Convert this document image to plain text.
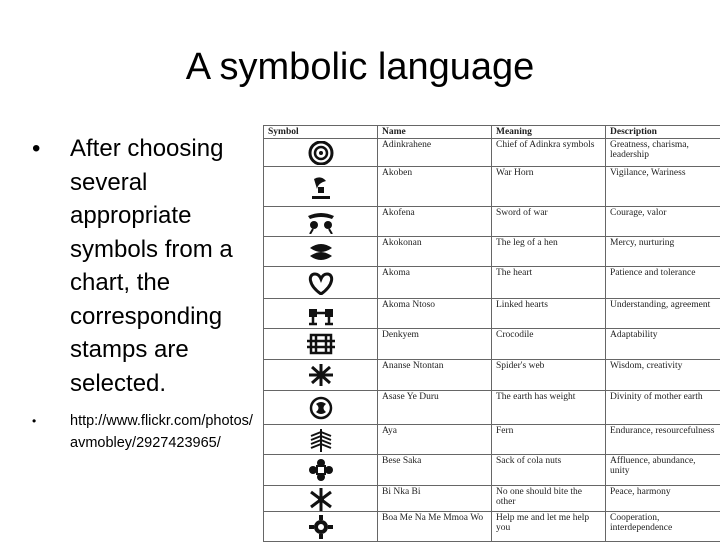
A symbolic language
• After choosing several appropriate symbols from a chart, the corresponding stamps are selected.
• http://www.flickr.com/photos/avmobley/2927423965/
Symbol	Name	Meaning	Description

	Adinkrahene	Chief of Adinkra symbols	Greatness, charisma, leadership

	Akoben	War Horn	Vigilance, Wariness

	Akofena	Sword of war	Courage, valor

	Akokonan	The leg of a hen	Mercy, nurturing

	Akoma	The heart	Patience and tolerance

	Akoma Ntoso	Linked hearts	Understanding, agreement

	Denkyem	Crocodile	Adaptability

	Ananse Ntontan	Spider's web	Wisdom, creativity

	Asase Ye Duru	The earth has weight	Divinity of mother earth

	Aya	Fern	Endurance, resourcefulness

	Bese Saka	Sack of cola nuts	Affluence, abundance, unity

	Bi Nka Bi	No one should bite the other	Peace, harmony

	Boa Me Na Me Mmoa Wo	Help me and let me help you	Cooperation, interdependence
